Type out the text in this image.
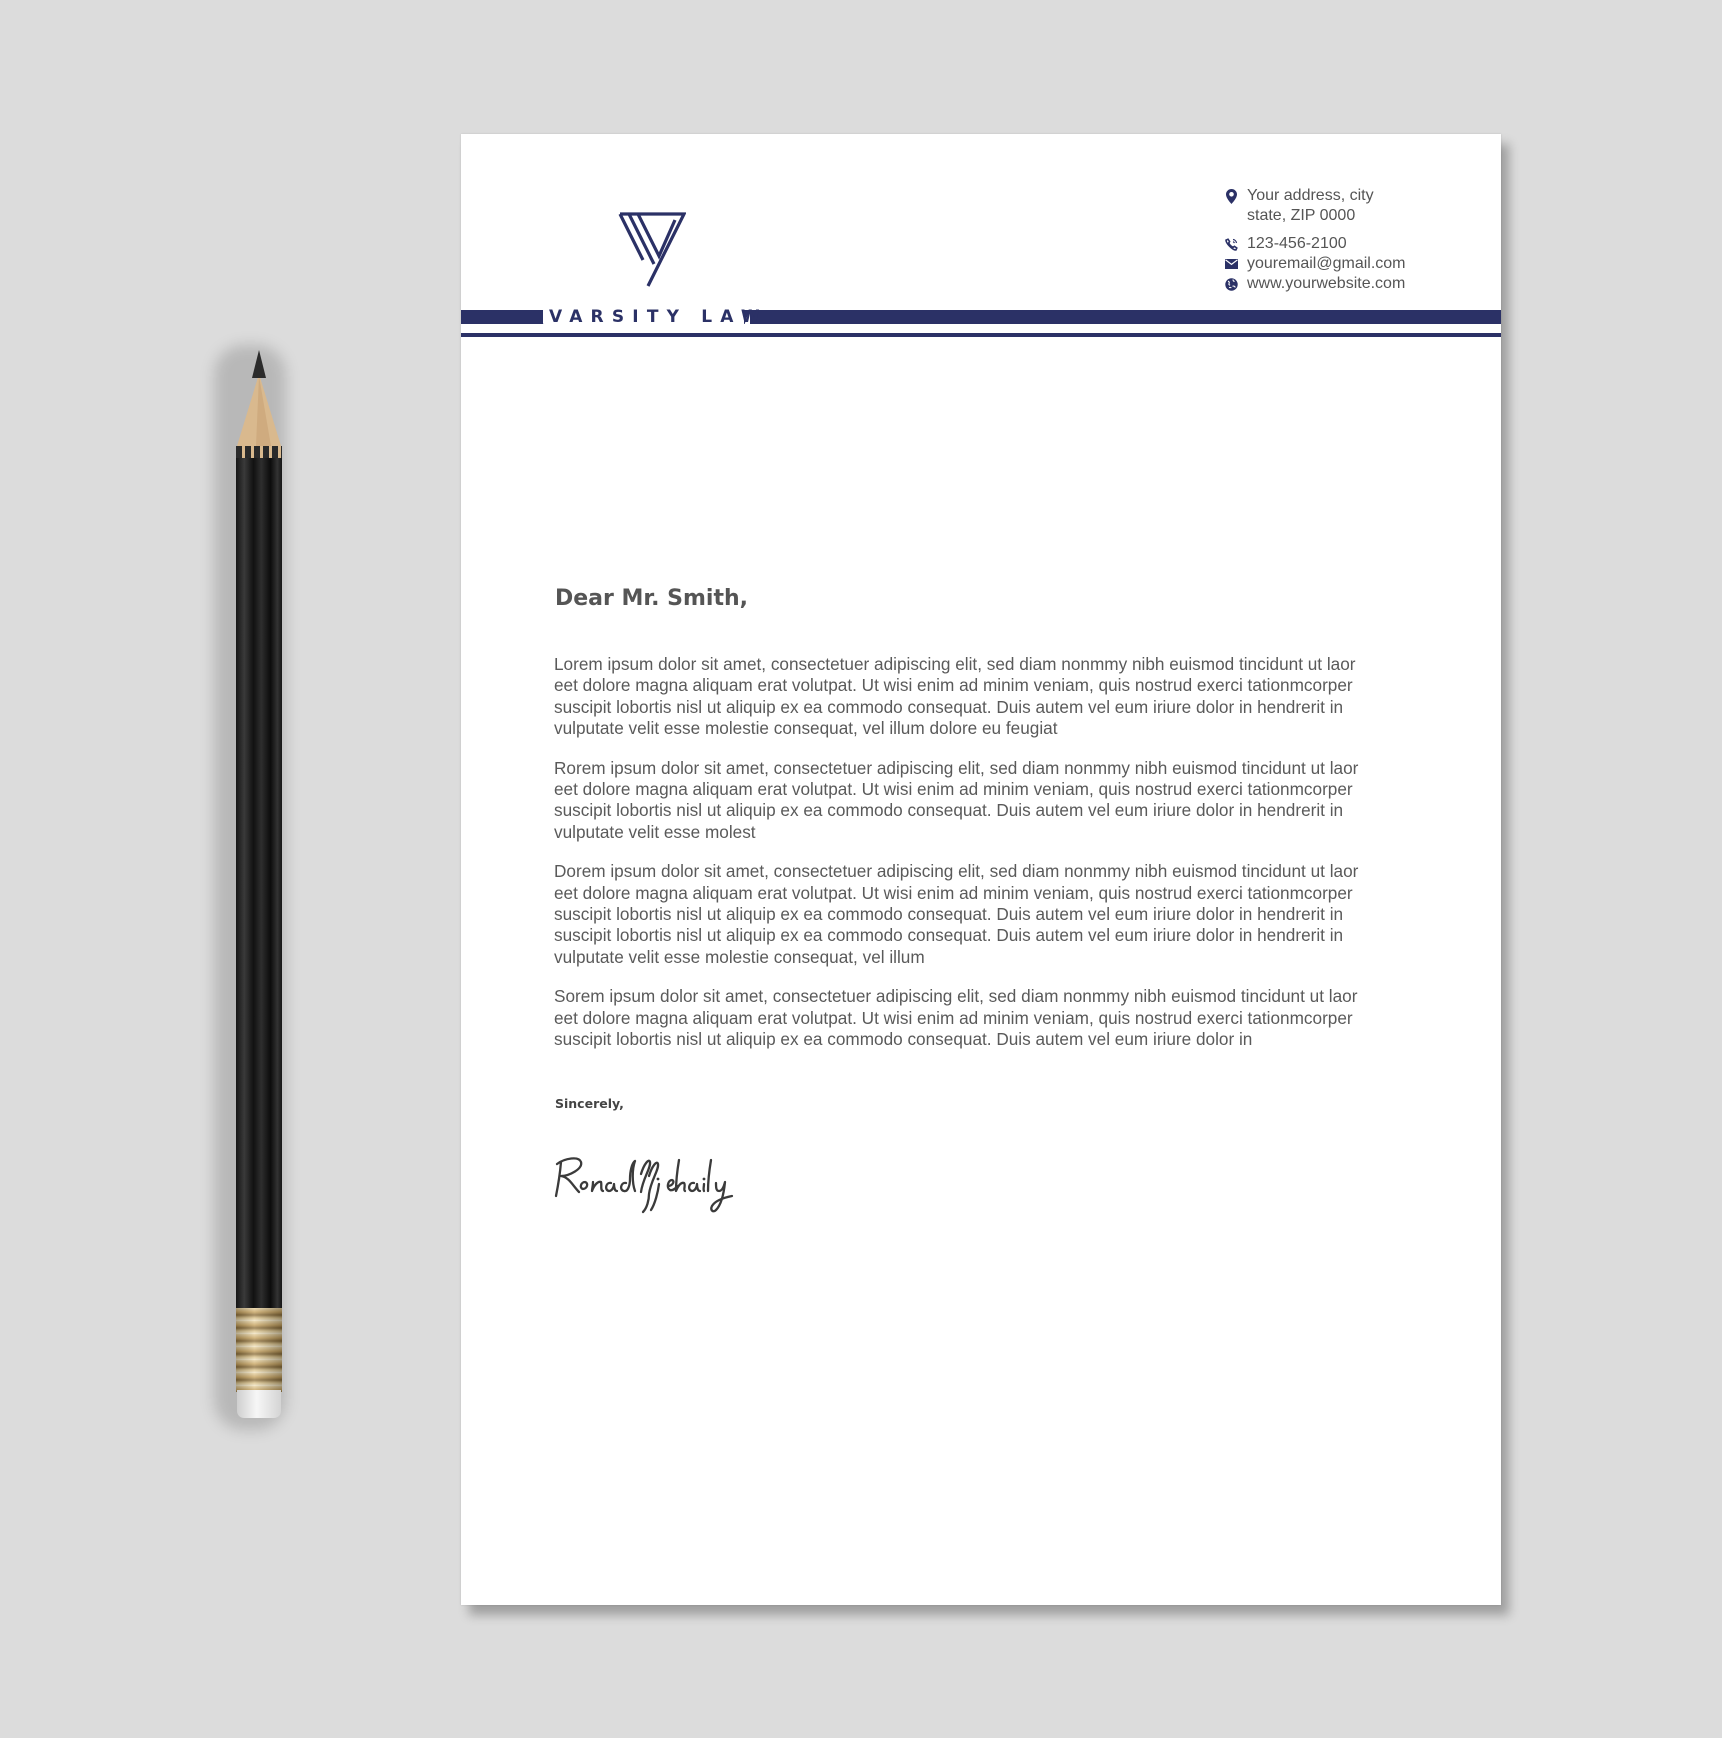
Your address, city
state, ZIP 0000
123-456-2100
youremail@gmail.com
www.yourwebsite.com
VARSITY LAW
Dear Mr. Smith,

Lorem ipsum dolor sit amet, consectetuer adipiscing elit, sed diam nonmmy nibh euismod tincidunt ut laor
eet dolore magna aliquam erat volutpat. Ut wisi enim ad minim veniam, quis nostrud exerci tationmcorper
suscipit lobortis nisl ut aliquip ex ea commodo consequat. Duis autem vel eum iriure dolor in hendrerit in
vulputate velit esse molestie consequat, vel illum dolore eu feugiat

Rorem ipsum dolor sit amet, consectetuer adipiscing elit, sed diam nonmmy nibh euismod tincidunt ut laor
eet dolore magna aliquam erat volutpat. Ut wisi enim ad minim veniam, quis nostrud exerci tationmcorper
suscipit lobortis nisl ut aliquip ex ea commodo consequat. Duis autem vel eum iriure dolor in hendrerit in
vulputate velit esse molest

Dorem ipsum dolor sit amet, consectetuer adipiscing elit, sed diam nonmmy nibh euismod tincidunt ut laor
eet dolore magna aliquam erat volutpat. Ut wisi enim ad minim veniam, quis nostrud exerci tationmcorper
suscipit lobortis nisl ut aliquip ex ea commodo consequat. Duis autem vel eum iriure dolor in hendrerit in
suscipit lobortis nisl ut aliquip ex ea commodo consequat. Duis autem vel eum iriure dolor in hendrerit in
vulputate velit esse molestie consequat, vel illum

Sorem ipsum dolor sit amet, consectetuer adipiscing elit, sed diam nonmmy nibh euismod tincidunt ut laor
eet dolore magna aliquam erat volutpat. Ut wisi enim ad minim veniam, quis nostrud exerci tationmcorper
suscipit lobortis nisl ut aliquip ex ea commodo consequat. Duis autem vel eum iriure dolor in

Sincerely,
